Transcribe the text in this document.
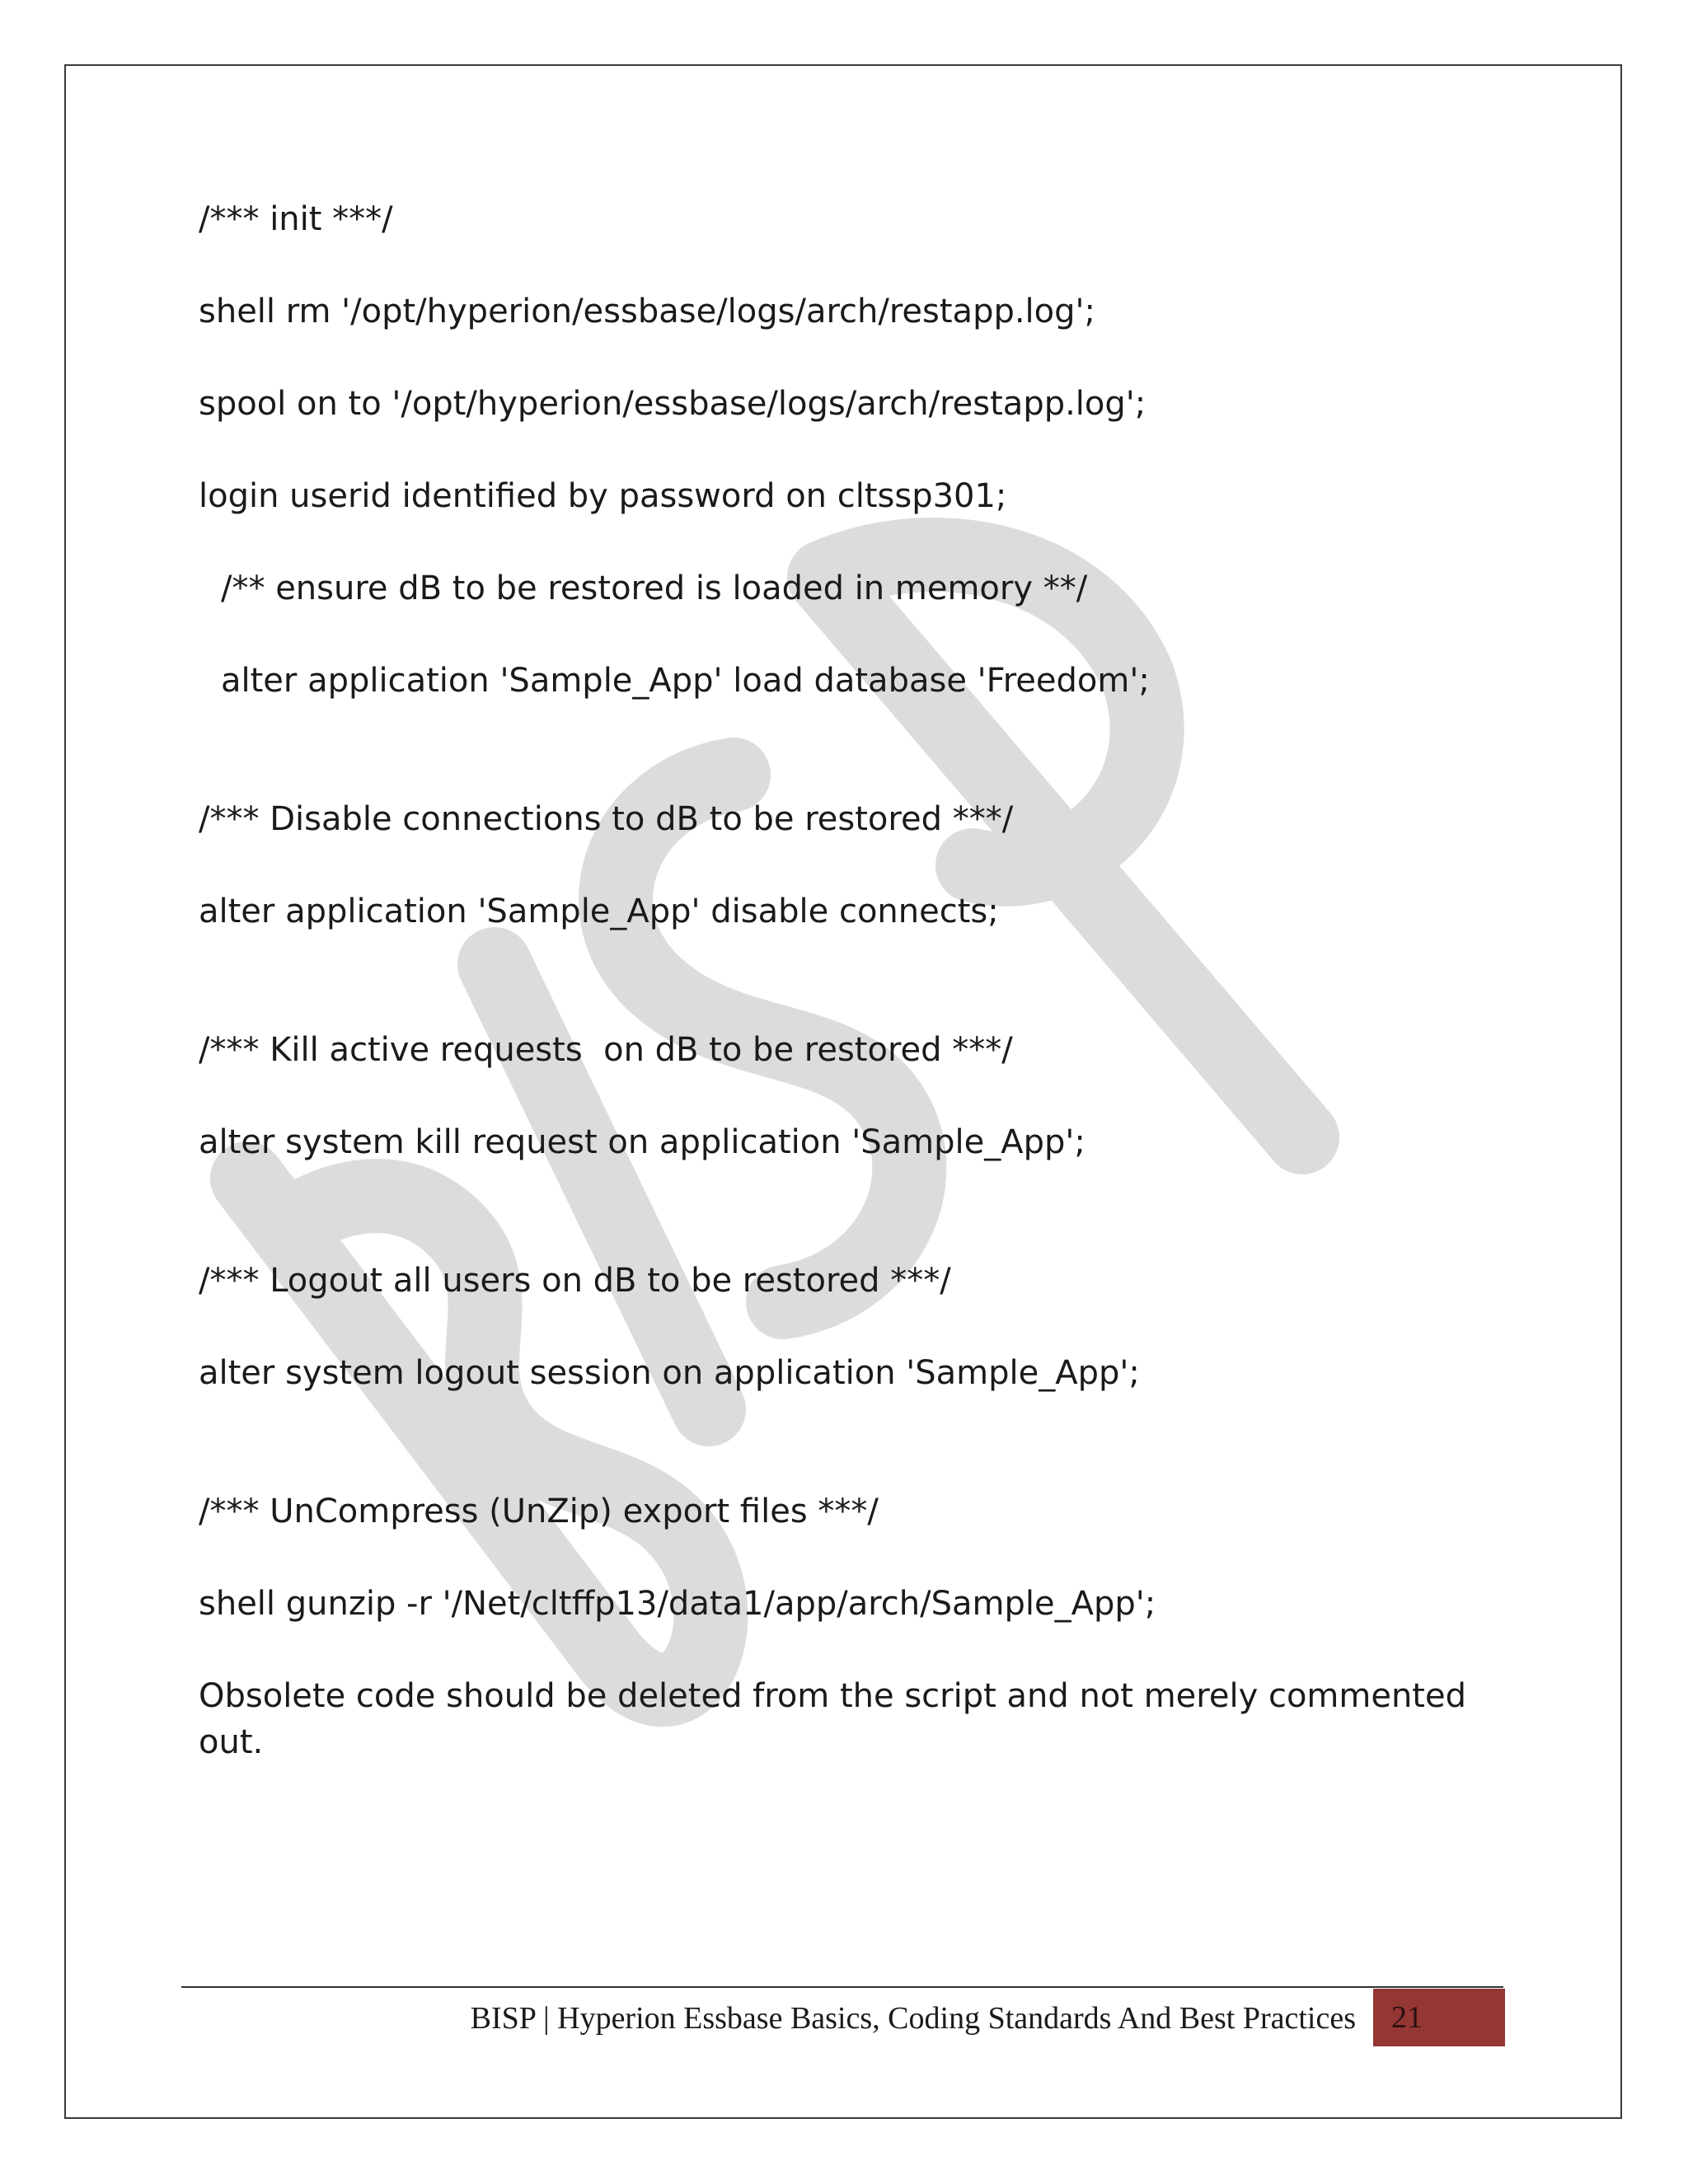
/*** init ***/

shell rm '/opt/hyperion/essbase/logs/arch/restapp.log';

spool on to '/opt/hyperion/essbase/logs/arch/restapp.log';

login userid identified by password on cltssp301;

/** ensure dB to be restored is loaded in memory **/

alter application 'Sample_App' load database 'Freedom';

/*** Disable connections to dB to be restored ***/

alter application 'Sample_App' disable connects;

/*** Kill active requests  on dB to be restored ***/

alter system kill request on application 'Sample_App';

/*** Logout all users on dB to be restored ***/

alter system logout session on application 'Sample_App';

/*** UnCompress (UnZip) export files ***/

shell gunzip -r '/Net/cltffp13/data1/app/arch/Sample_App';

Obsolete code should be deleted from the script and not merely commented out.

BISP | Hyperion Essbase Basics, Coding Standards And Best Practices 21
